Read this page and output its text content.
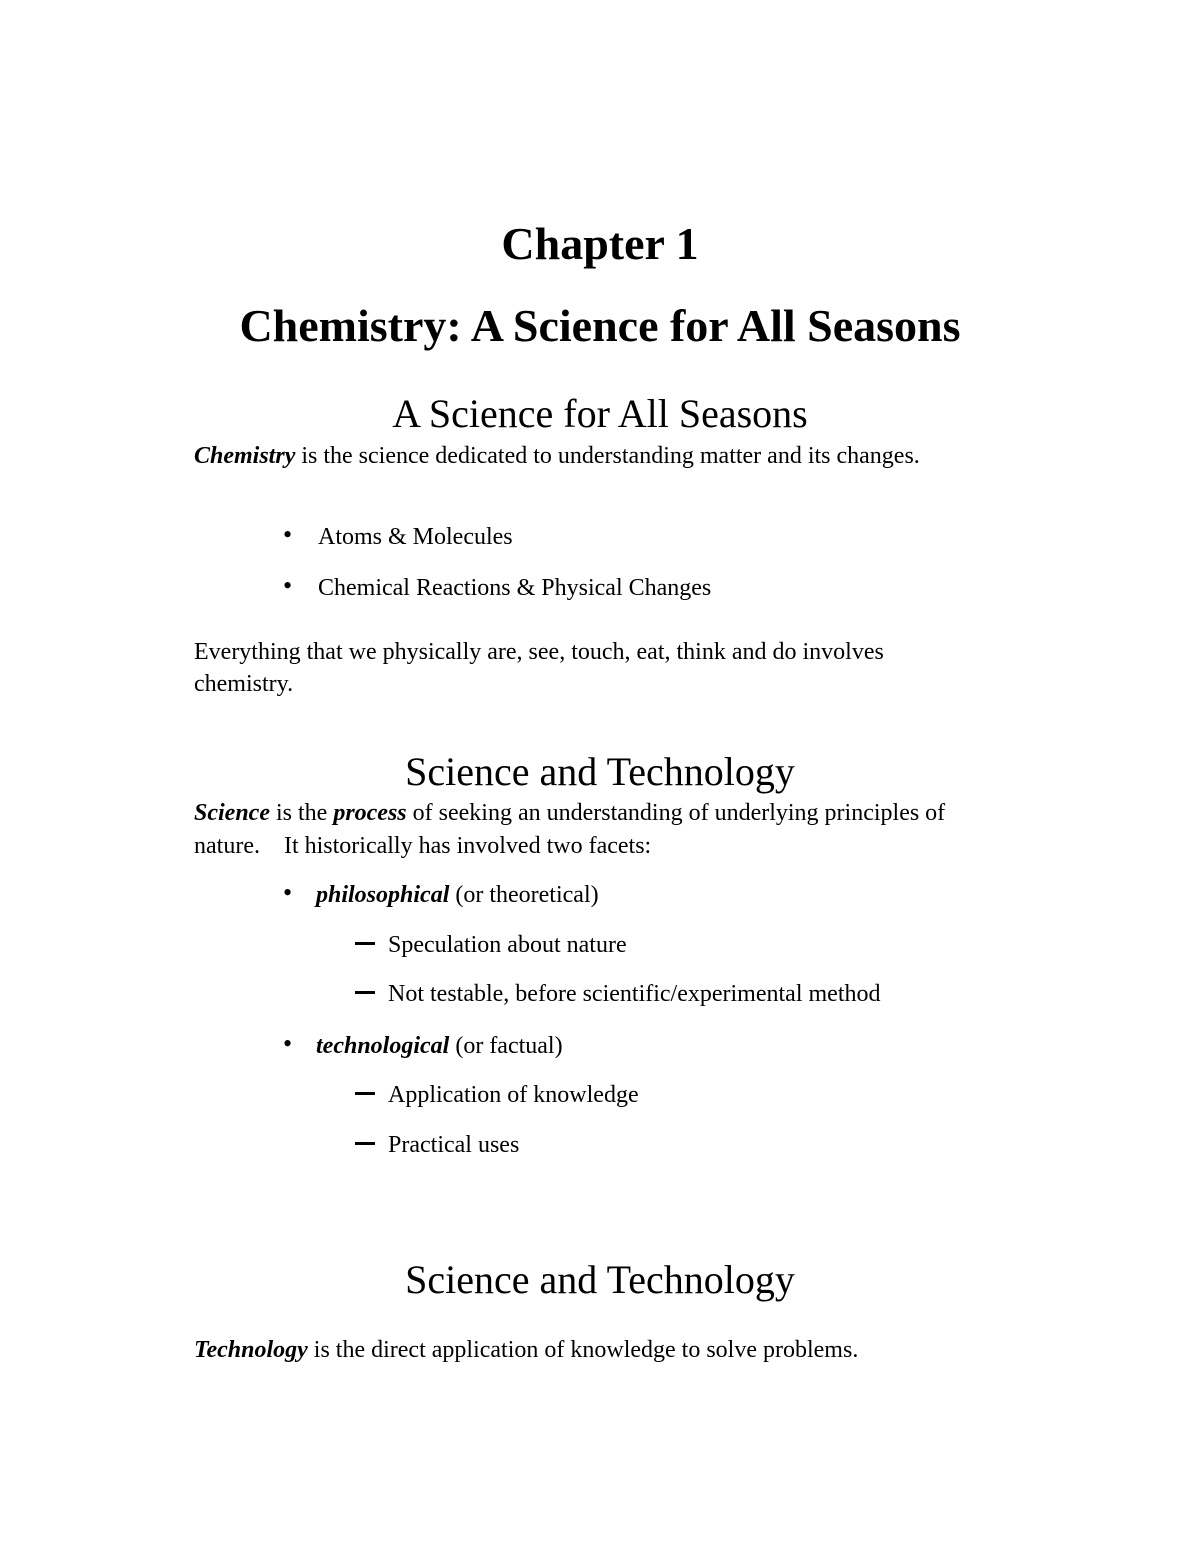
Chapter 1
Chemistry: A Science for All Seasons
A Science for All Seasons

Chemistry is the science dedicated to understanding matter and its changes.

• Atoms & Molecules
• Chemical Reactions & Physical Changes

Everything that we physically are, see, touch, eat, think and do involves

chemistry.

Science and Technology

Science is the process of seeking an understanding of underlying principles of

nature.    It historically has involved two facets:

• philosophical (or theoretical)
Speculation about nature
Not testable, before scientific/experimental method
• technological (or factual)
Application of knowledge
Practical uses
Science and Technology

Technology is the direct application of knowledge to solve problems.
